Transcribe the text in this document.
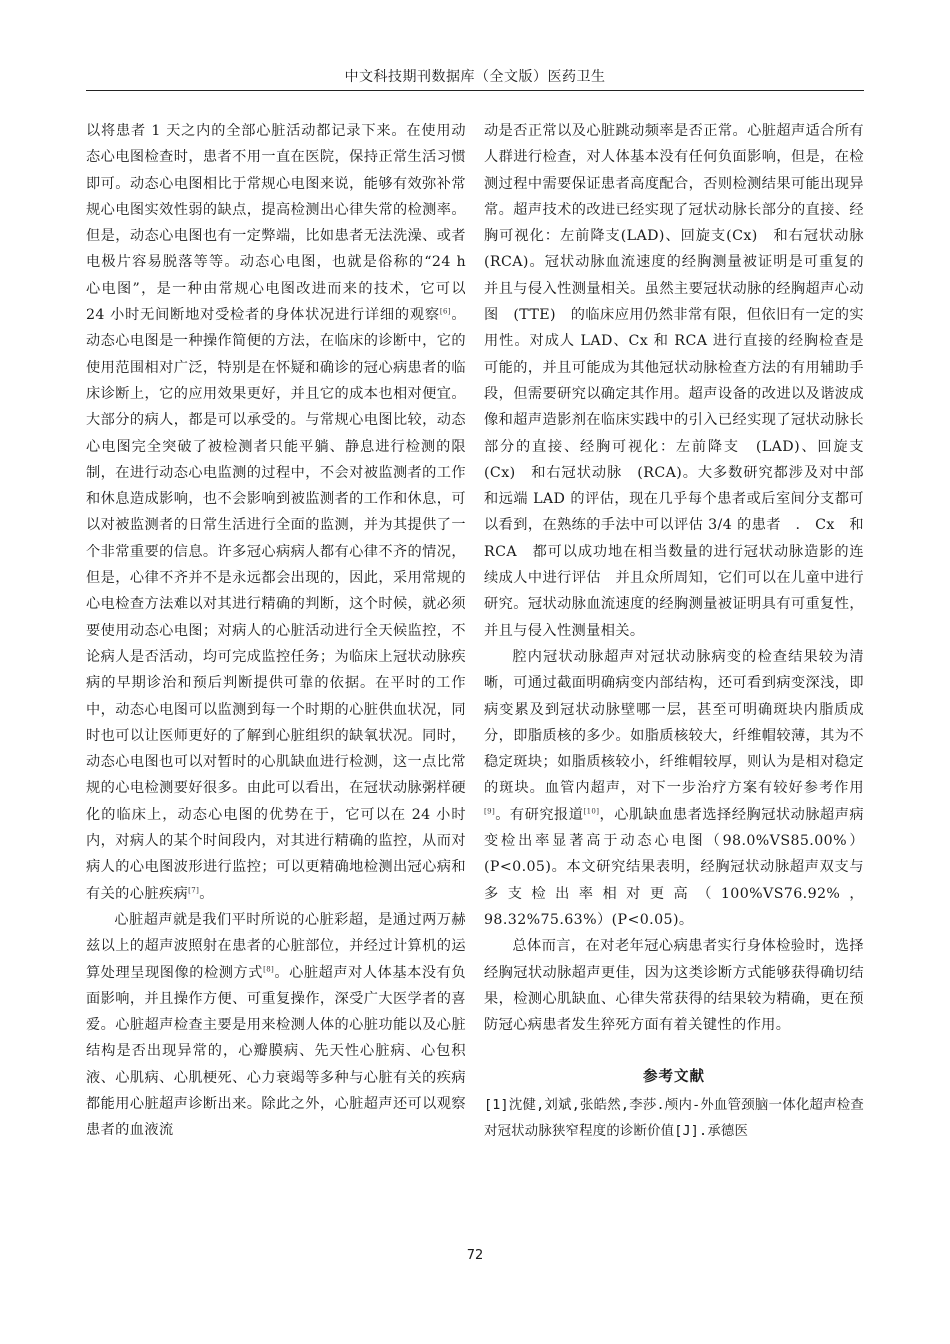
中文科技期刊数据库（全文版）医药卫生

以将患者 1 天之内的全部心脏活动都记录下来。在使用动态心电图检查时，患者不用一直在医院，保持正常生活习惯即可。动态心电图相比于常规心电图来说，能够有效弥补常规心电图实效性弱的缺点，提高检测出心律失常的检测率。但是，动态心电图也有一定弊端，比如患者无法洗澡、或者电极片容易脱落等等。动态心电图，也就是俗称的“24 h 心电图”，是一种由常规心电图改进而来的技术，它可以 24 小时无间断地对受检者的身体状况进行详细的观察[6]。动态心电图是一种操作简便的方法，在临床的诊断中，它的使用范围相对广泛，特别是在怀疑和确诊的冠心病患者的临床诊断上，它的应用效果更好，并且它的成本也相对便宜。大部分的病人，都是可以承受的。与常规心电图比较，动态心电图完全突破了被检测者只能平躺、静息进行检测的限制，在进行动态心电监测的过程中，不会对被监测者的工作和休息造成影响，也不会影响到被监测者的工作和休息，可以对被监测者的日常生活进行全面的监测，并为其提供了一个非常重要的信息。许多冠心病病人都有心律不齐的情况，但是，心律不齐并不是永远都会出现的，因此，采用常规的心电检查方法难以对其进行精确的判断，这个时候，就必须要使用动态心电图；对病人的心脏活动进行全天候监控，不论病人是否活动，均可完成监控任务；为临床上冠状动脉疾病的早期诊治和预后判断提供可靠的依据。在平时的工作中，动态心电图可以监测到每一个时期的心脏供血状况，同时也可以让医师更好的了解到心脏组织的缺氧状况。同时，动态心电图也可以对暂时的心肌缺血进行检测，这一点比常规的心电检测要好很多。由此可以看出，在冠状动脉粥样硬化的临床上，动态心电图的优势在于，它可以在 24 小时内，对病人的某个时间段内，对其进行精确的监控，从而对病人的心电图波形进行监控；可以更精确地检测出冠心病和有关的心脏疾病[7]。

心脏超声就是我们平时所说的心脏彩超，是通过两万赫兹以上的超声波照射在患者的心脏部位，并经过计算机的运算处理呈现图像的检测方式[8]。心脏超声对人体基本没有负面影响，并且操作方便、可重复操作，深受广大医学者的喜爱。心脏超声检查主要是用来检测人体的心脏功能以及心脏结构是否出现异常的，心瓣膜病、先天性心脏病、心包积液、心肌病、心肌梗死、心力衰竭等多种与心脏有关的疾病都能用心脏超声诊断出来。除此之外，心脏超声还可以观察患者的血液流

动是否正常以及心脏跳动频率是否正常。心脏超声适合所有人群进行检查，对人体基本没有任何负面影响，但是，在检测过程中需要保证患者高度配合，否则检测结果可能出现异常。超声技术的改进已经实现了冠状动脉长部分的直接、经胸可视化：左前降支(LAD)、回旋支(Cx)　和右冠状动脉(RCA)。冠状动脉血流速度的经胸测量被证明是可重复的并且与侵入性测量相关。虽然主要冠状动脉的经胸超声心动图　(TTE)　的临床应用仍然非常有限，但依旧有一定的实用性。对成人 LAD、Cx 和 RCA 进行直接的经胸检查是可能的，并且可能成为其他冠状动脉检查方法的有用辅助手段，但需要研究以确定其作用。超声设备的改进以及谐波成像和超声造影剂在临床实践中的引入已经实现了冠状动脉长部分的直接、经胸可视化：左前降支　(LAD)、回旋支(Cx)　和右冠状动脉　(RCA)。大多数研究都涉及对中部和远端 LAD 的评估，现在几乎每个患者或后室间分支都可以看到，在熟练的手法中可以评估 3/4 的患者　.　Cx　和　RCA　都可以成功地在相当数量的进行冠状动脉造影的连续成人中进行评估　并且众所周知，它们可以在儿童中进行研究。冠状动脉血流速度的经胸测量被证明具有可重复性，并且与侵入性测量相关。

腔内冠状动脉超声对冠状动脉病变的检查结果较为清晰，可通过截面明确病变内部结构，还可看到病变深浅，即病变累及到冠状动脉壁哪一层，甚至可明确斑块内脂质成分，即脂质核的多少。如脂质核较大，纤维帽较薄，其为不稳定斑块；如脂质核较小，纤维帽较厚，则认为是相对稳定的斑块。血管内超声，对下一步治疗方案有较好参考作用[9]。有研究报道[10]，心肌缺血患者选择经胸冠状动脉超声病变检出率显著高于动态心电图（98.0%VS85.00%）(P<0.05)。本文研究结果表明，经胸冠状动脉超声双支与多支检出率相对更高（100%VS76.92%，98.32%75.63%）(P<0.05)。

总体而言，在对老年冠心病患者实行身体检验时，选择经胸冠状动脉超声更佳，因为这类诊断方式能够获得确切结果，检测心肌缺血、心律失常获得的结果较为精确，更在预防冠心病患者发生猝死方面有着关键性的作用。

参考文献

[1]沈健,刘斌,张皓然,李莎.颅内-外血管颈脑一体化超声检查对冠状动脉狭窄程度的诊断价值[J].承德医

72
